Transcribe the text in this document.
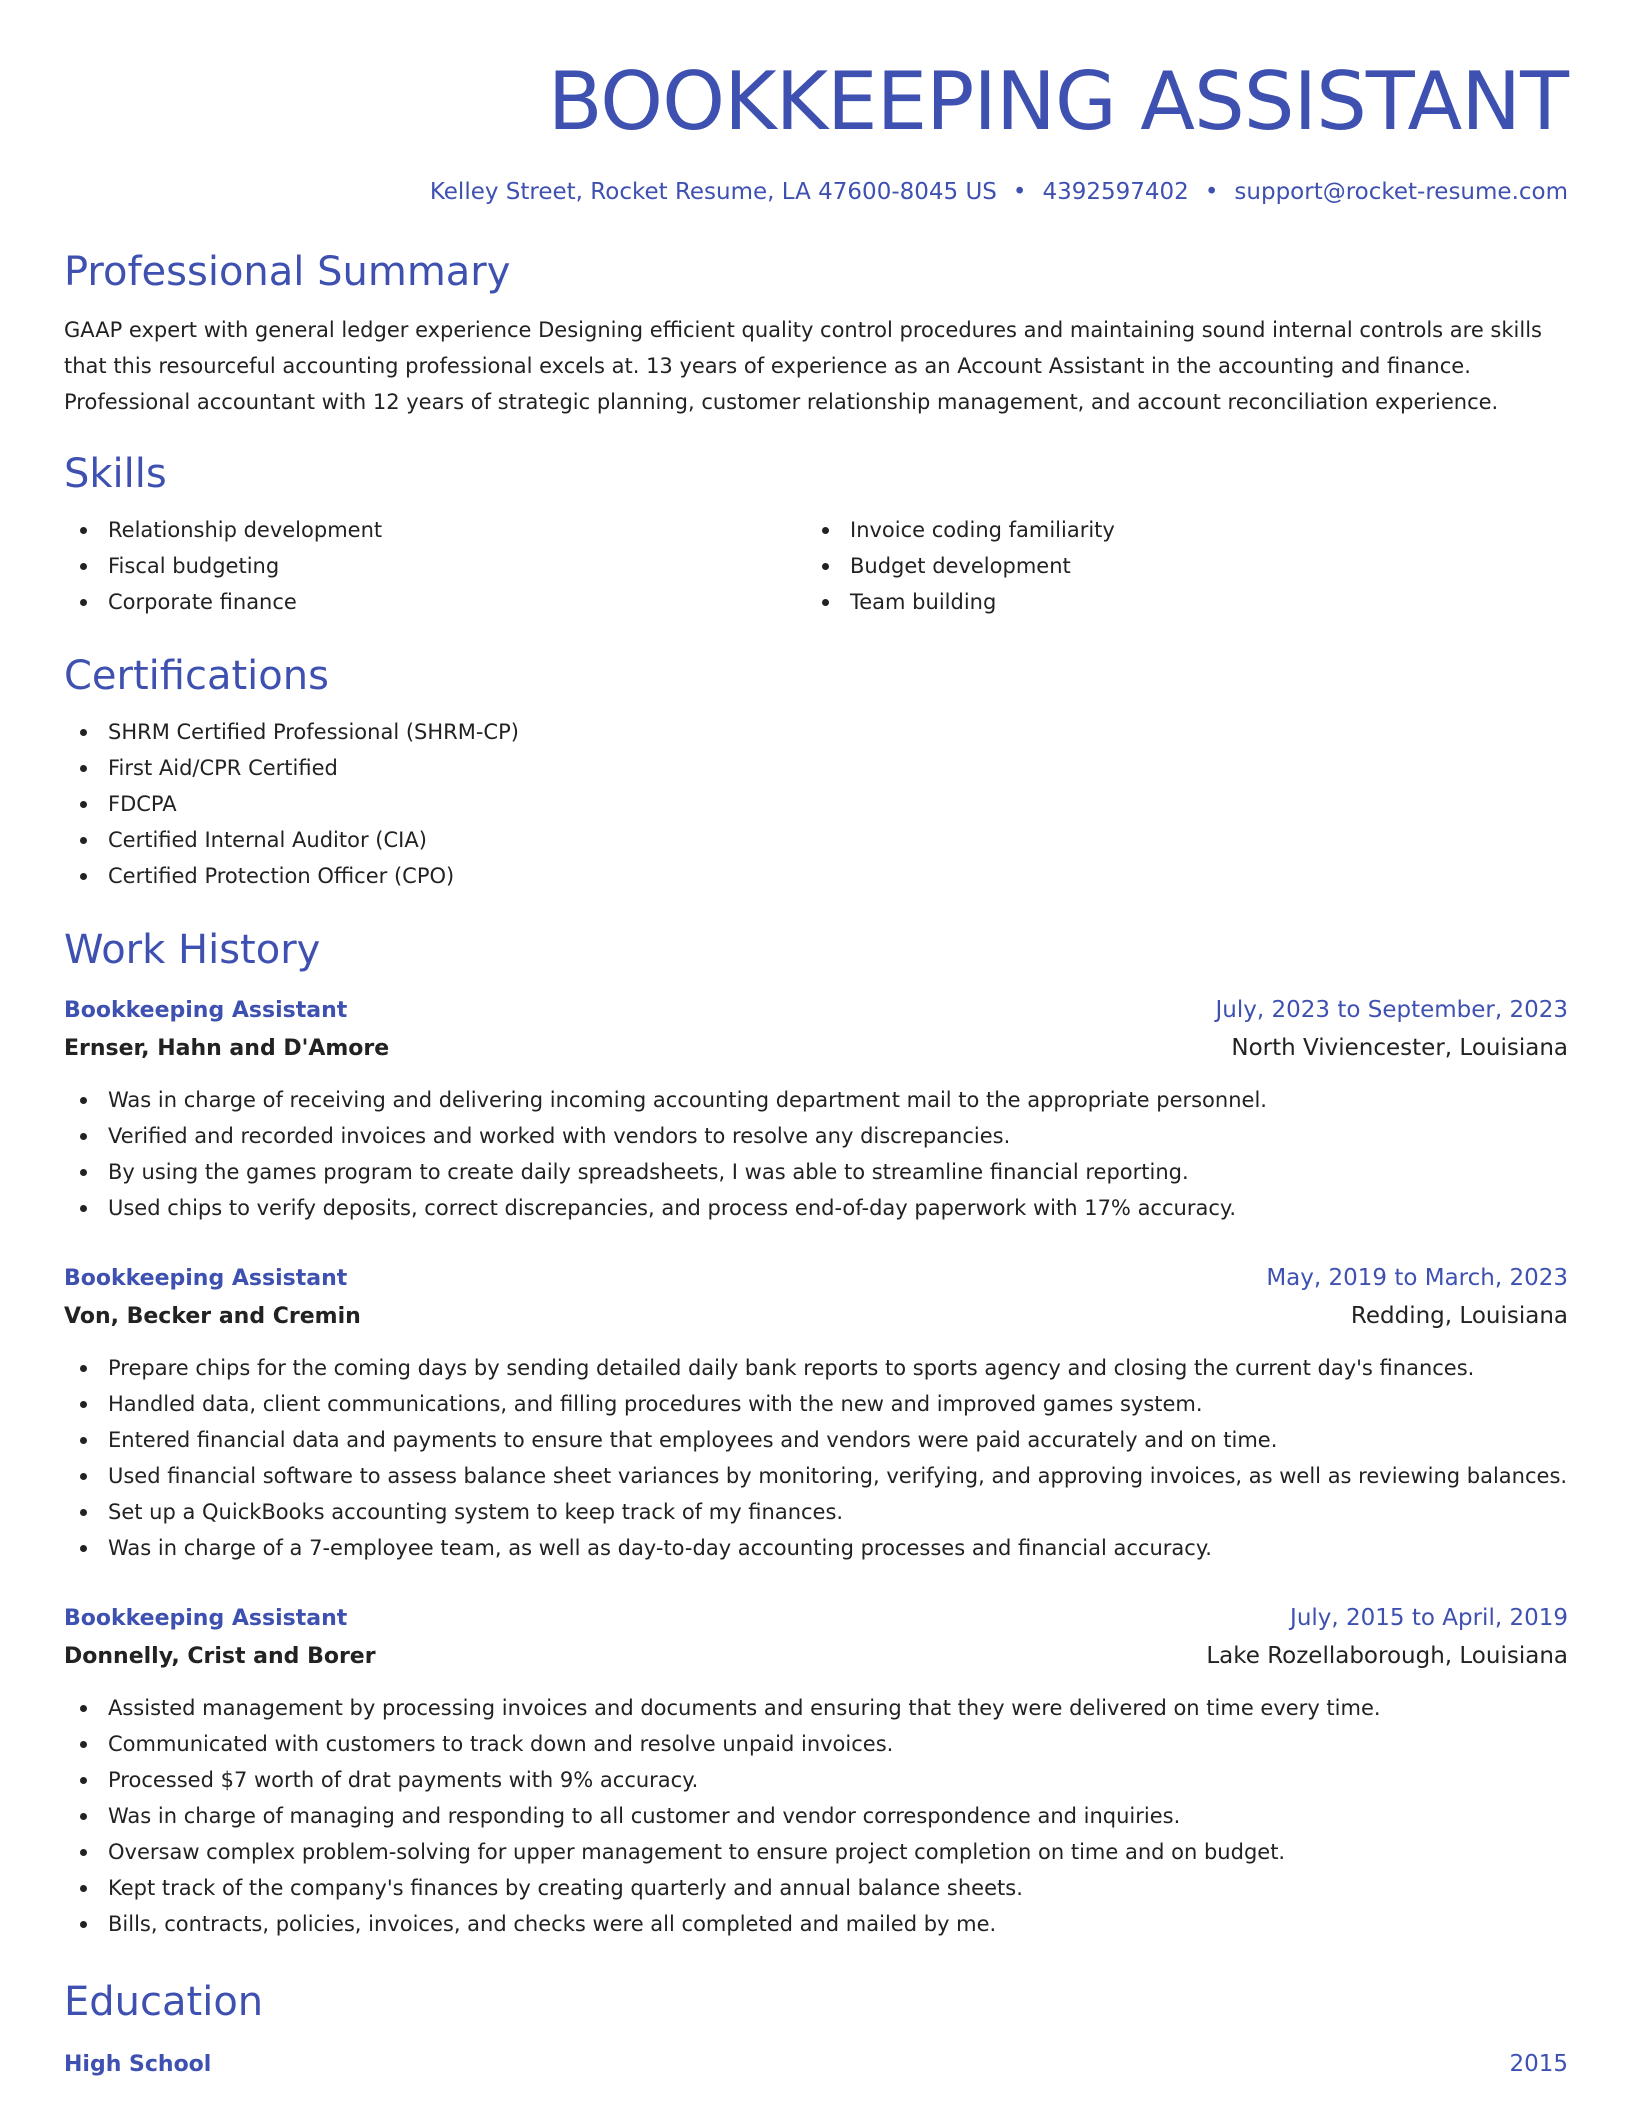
BOOKKEEPING ASSISTANT
Kelley Street, Rocket Resume, LA 47600-8045 US • 4392597402 • support@rocket-resume.com
Professional Summary

GAAP expert with general ledger experience Designing efficient quality control procedures and maintaining sound internal controls are skills that this resourceful accounting professional excels at. 13 years of experience as an Account Assistant in the accounting and finance. Professional accountant with 12 years of strategic planning, customer relationship management, and account reconciliation experience.

Skills
Relationship development
Fiscal budgeting
Corporate finance
Invoice coding familiarity
Budget development
Team building
Certifications
SHRM Certified Professional (SHRM-CP)
First Aid/CPR Certified
FDCPA
Certified Internal Auditor (CIA)
Certified Protection Officer (CPO)
Work History
Bookkeeping Assistant	July, 2023 to September, 2023
Ernser, Hahn and D'Amore	North Viviencester, Louisiana
Was in charge of receiving and delivering incoming accounting department mail to the appropriate personnel.
Verified and recorded invoices and worked with vendors to resolve any discrepancies.
By using the games program to create daily spreadsheets, I was able to streamline financial reporting.
Used chips to verify deposits, correct discrepancies, and process end-of-day paperwork with 17% accuracy.
Bookkeeping Assistant	May, 2019 to March, 2023
Von, Becker and Cremin	Redding, Louisiana
Prepare chips for the coming days by sending detailed daily bank reports to sports agency and closing the current day's finances.
Handled data, client communications, and filling procedures with the new and improved games system.
Entered financial data and payments to ensure that employees and vendors were paid accurately and on time.
Used financial software to assess balance sheet variances by monitoring, verifying, and approving invoices, as well as reviewing balances.
Set up a QuickBooks accounting system to keep track of my finances.
Was in charge of a 7-employee team, as well as day-to-day accounting processes and financial accuracy.
Bookkeeping Assistant	July, 2015 to April, 2019
Donnelly, Crist and Borer	Lake Rozellaborough, Louisiana
Assisted management by processing invoices and documents and ensuring that they were delivered on time every time.
Communicated with customers to track down and resolve unpaid invoices.
Processed $7 worth of drat payments with 9% accuracy.
Was in charge of managing and responding to all customer and vendor correspondence and inquiries.
Oversaw complex problem-solving for upper management to ensure project completion on time and on budget.
Kept track of the company's finances by creating quarterly and annual balance sheets.
Bills, contracts, policies, invoices, and checks were all completed and mailed by me.
Education
High School	2015
